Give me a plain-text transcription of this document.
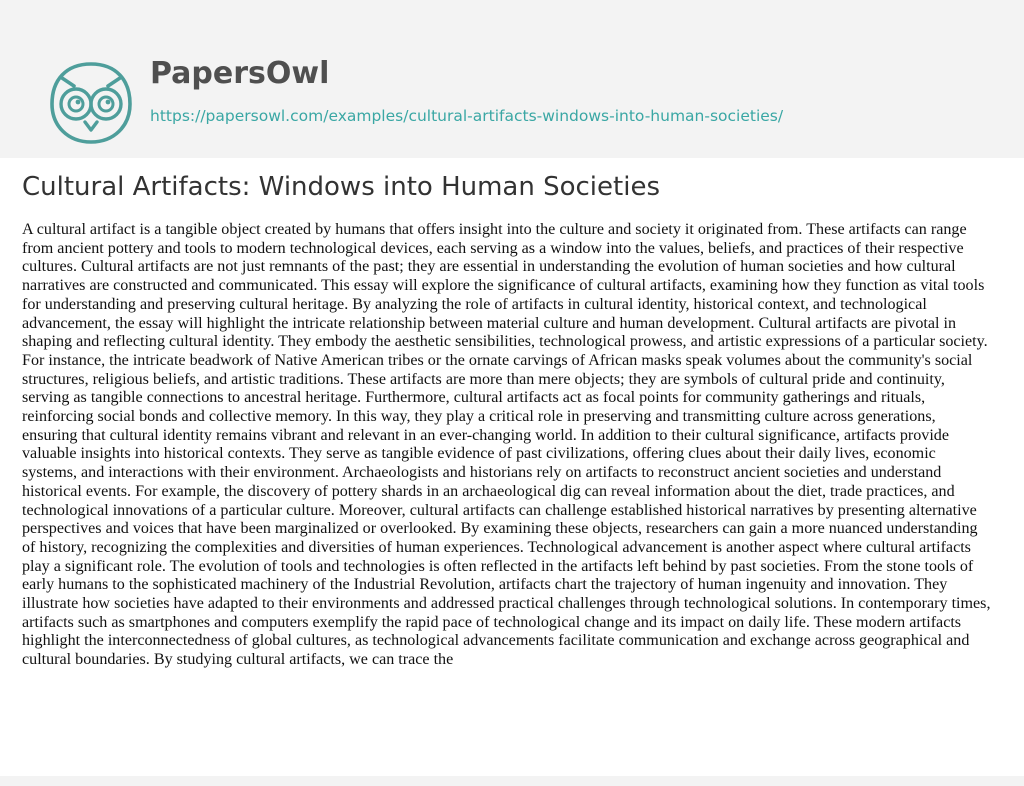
PapersOwl
https://papersowl.com/examples/cultural-artifacts-windows-into-human-societies/
Cultural Artifacts: Windows into Human Societies

A cultural artifact is a tangible object created by humans that offers insight into the culture and society it originated from. These artifacts can range from ancient pottery and tools to modern technological devices, each serving as a window into the values, beliefs, and practices of their respective cultures. Cultural artifacts are not just remnants of the past; they are essential in understanding the evolution of human societies and how cultural narratives are constructed and communicated. This essay will explore the significance of cultural artifacts, examining how they function as vital tools for understanding and preserving cultural heritage. By analyzing the role of artifacts in cultural identity, historical context, and technological advancement, the essay will highlight the intricate relationship between material culture and human development. Cultural artifacts are pivotal in shaping and reflecting cultural identity. They embody the aesthetic sensibilities, technological prowess, and artistic expressions of a particular society. For instance, the intricate beadwork of Native American tribes or the ornate carvings of African masks speak volumes about the community's social structures, religious beliefs, and artistic traditions. These artifacts are more than mere objects; they are symbols of cultural pride and continuity, serving as tangible connections to ancestral heritage. Furthermore, cultural artifacts act as focal points for community gatherings and rituals, reinforcing social bonds and collective memory. In this way, they play a critical role in preserving and transmitting culture across generations, ensuring that cultural identity remains vibrant and relevant in an ever-changing world. In addition to their cultural significance, artifacts provide valuable insights into historical contexts. They serve as tangible evidence of past civilizations, offering clues about their daily lives, economic systems, and interactions with their environment. Archaeologists and historians rely on artifacts to reconstruct ancient societies and understand historical events. For example, the discovery of pottery shards in an archaeological dig can reveal information about the diet, trade practices, and technological innovations of a particular culture. Moreover, cultural artifacts can challenge established historical narratives by presenting alternative perspectives and voices that have been marginalized or overlooked. By examining these objects, researchers can gain a more nuanced understanding of history, recognizing the complexities and diversities of human experiences. Technological advancement is another aspect where cultural artifacts play a significant role. The evolution of tools and technologies is often reflected in the artifacts left behind by past societies. From the stone tools of early humans to the sophisticated machinery of the Industrial Revolution, artifacts chart the trajectory of human ingenuity and innovation. They illustrate how societies have adapted to their environments and addressed practical challenges through technological solutions. In contemporary times, artifacts such as smartphones and computers exemplify the rapid pace of technological change and its impact on daily life. These modern artifacts highlight the interconnectedness of global cultures, as technological advancements facilitate communication and exchange across geographical and cultural boundaries. By studying cultural artifacts, we can trace the
